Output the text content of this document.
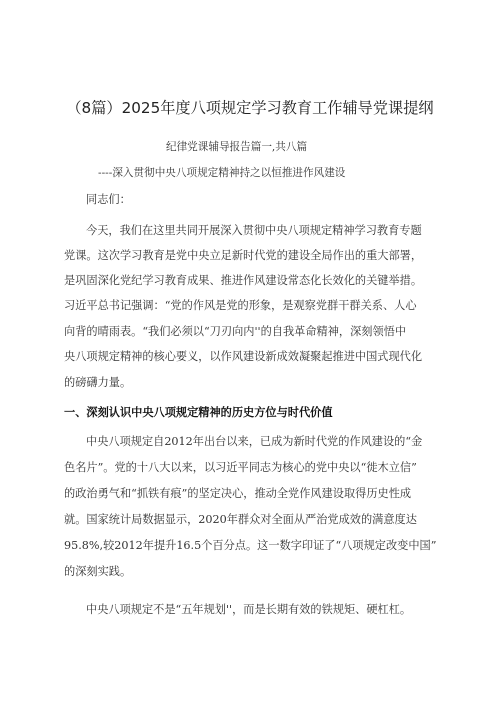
（8篇）2025年度八项规定学习教育工作辅导党课提纲
纪律党课辅导报告篇一,共八篇
----深入贯彻中央八项规定精神持之以恒推进作风建设
同志们：
今天，我们在这里共同开展深入贯彻中央八项规定精神学习教育专题
党课。这次学习教育是党中央立足新时代党的建设全局作出的重大部署，
是巩固深化党纪学习教育成果、推进作风建设常态化长效化的关键举措。
习近平总书记强调：“党的作风是党的形象，是观察党群干群关系、人心
向背的晴雨表。“我们必须以“刀刃向内''的自我革命精神，深刻领悟中
央八项规定精神的核心要义，以作风建设新成效凝聚起推进中国式现代化
的磅礴力量。
一、深刻认识中央八项规定精神的历史方位与时代价值
中央八项规定自2012年出台以来，已成为新时代党的作风建设的“金
色名片”。党的十八大以来，以习近平同志为核心的党中央以“徙木立信”
的政治勇气和“抓铁有痕”的坚定决心，推动全党作风建设取得历史性成
就。国家统计局数据显示，2020年群众对全面从严治党成效的满意度达
95.8%,较2012年提升16.5个百分点。这一数字印证了“八项规定改变中国”
的深刻实践。
中央八项规定不是“五年规划''，而是长期有效的铁规矩、硬杠杠。
